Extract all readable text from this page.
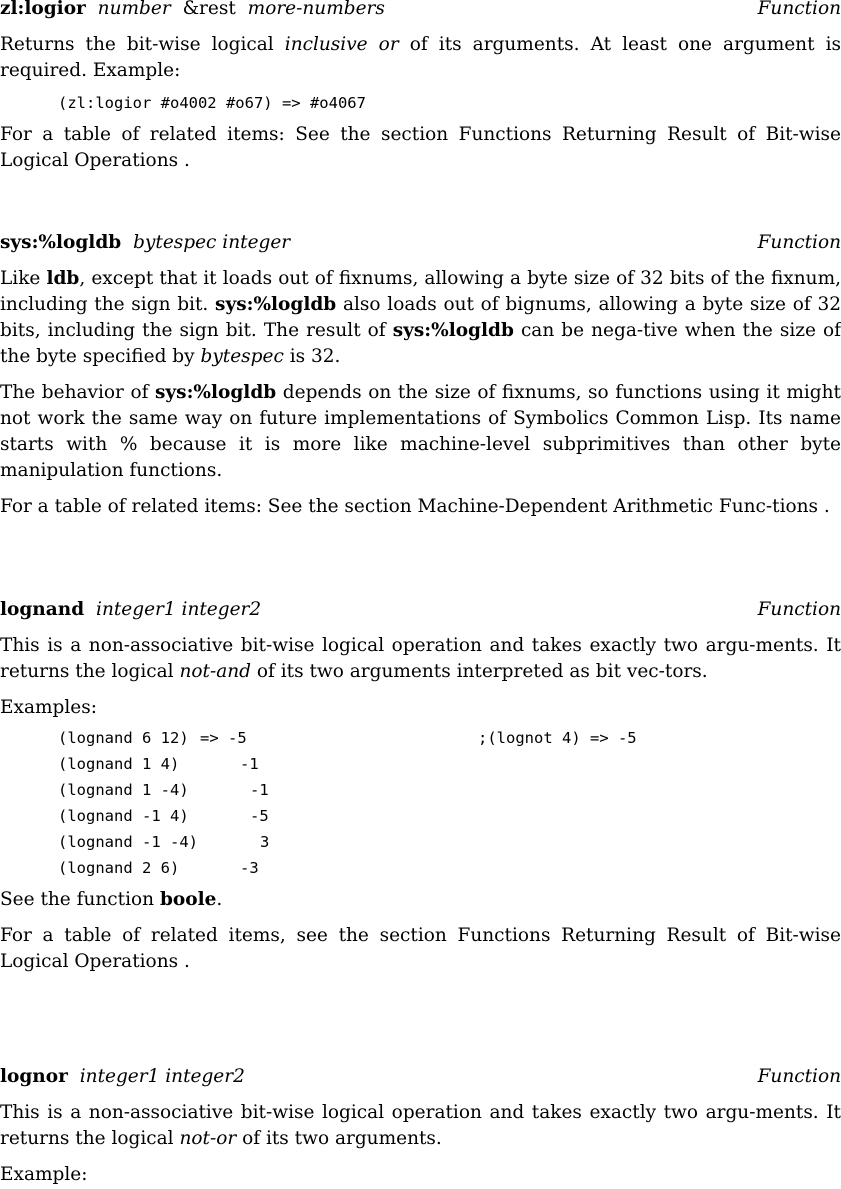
zl:logior number &rest more-numbers	Function

Returns the bit-wise logical inclusive or of its arguments. At least one argument is required. Example:

(zl:logior #o4002 #o67) => #o4067

For a table of related items: See the section Functions Returning Result of Bit-wise Logical Operations .

sys:%logldb bytespec integer	Function

Like ldb, except that it loads out of fixnums, allowing a byte size of 32 bits of the fixnum, including the sign bit. sys:%logldb also loads out of bignums, allowing a byte size of 32 bits, including the sign bit. The result of sys:%logldb can be nega-tive when the size of the byte specified by bytespec is 32.

The behavior of sys:%logldb depends on the size of fixnums, so functions using it might not work the same way on future implementations of Symbolics Common Lisp. Its name starts with % because it is more like machine-level subprimitives than other byte manipulation functions.

For a table of related items: See the section Machine-Dependent Arithmetic Func-tions .

lognand integer1 integer2	Function

This is a non-associative bit-wise logical operation and takes exactly two argu-ments. It returns the logical not-and of its two arguments interpreted as bit vec-tors.

Examples:

(lognand 6 12) => -5	;(lognot 4) => -5
(lognand 1 4)	-1
(lognand 1 -4)	-1
(lognand -1 4)	-5
(lognand -1 -4)	3
(lognand 2 6)	-3

See the function boole.

For a table of related items, see the section Functions Returning Result of Bit-wise Logical Operations .

lognor integer1 integer2	Function

This is a non-associative bit-wise logical operation and takes exactly two argu-ments. It returns the logical not-or of its two arguments.

Example:
